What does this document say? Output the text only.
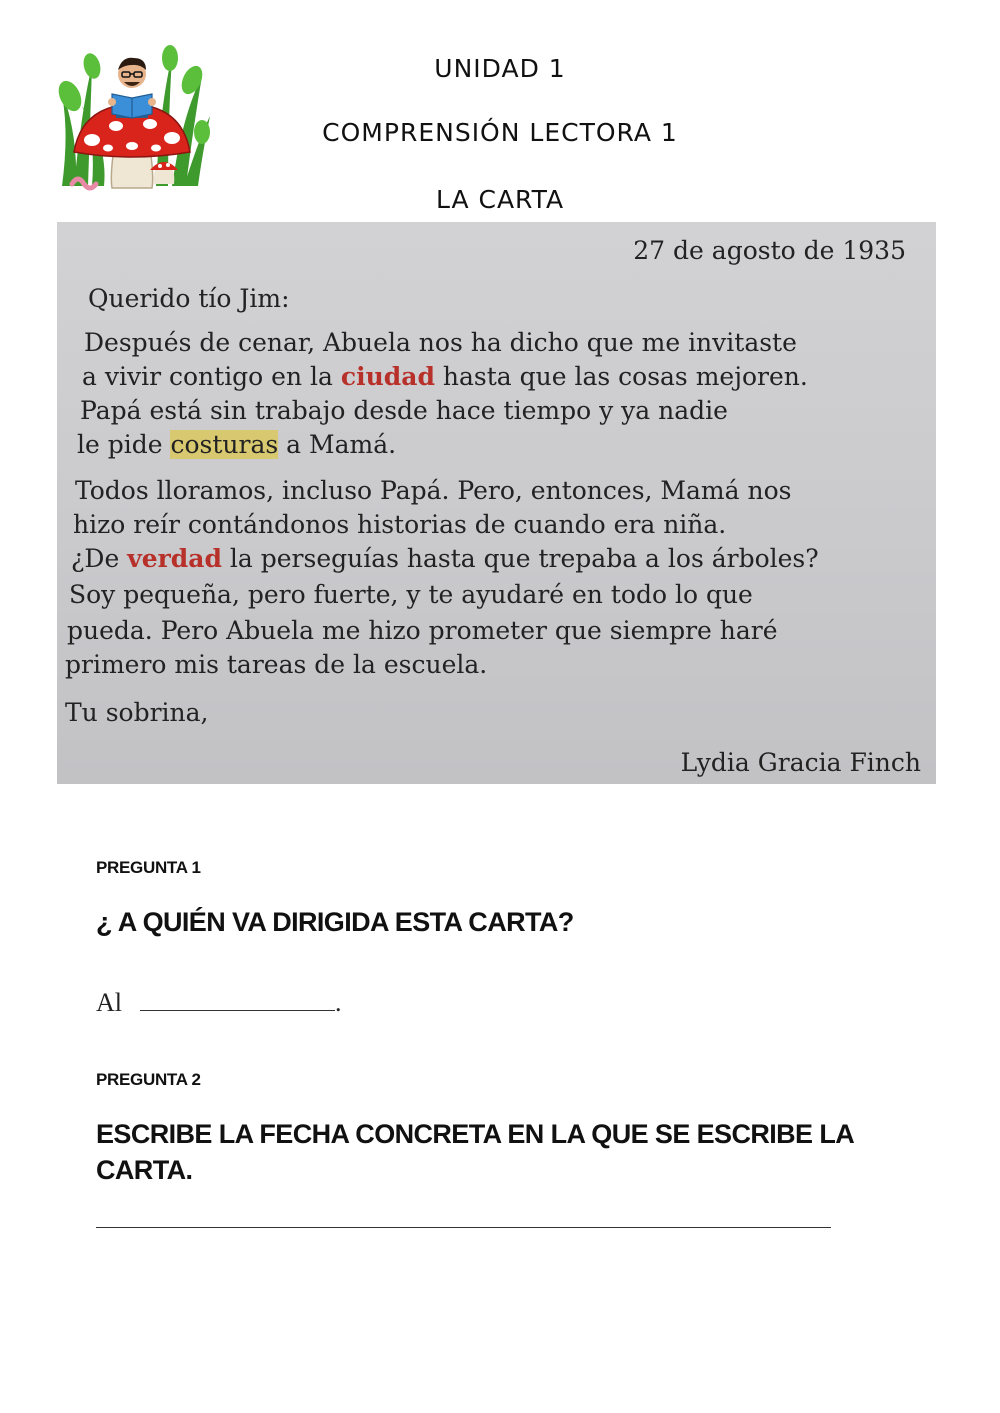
UNIDAD 1
COMPRENSIÓN LECTORA 1
LA CARTA
27 de agosto de 1935
Querido tío Jim:
Después de cenar, Abuela nos ha dicho que me invitaste
a vivir contigo en la ciudad hasta que las cosas mejoren.
Papá está sin trabajo desde hace tiempo y ya nadie
le pide costuras a Mamá.
Todos lloramos, incluso Papá. Pero, entonces, Mamá nos
hizo reír contándonos historias de cuando era niña.
¿De verdad la perseguías hasta que trepaba a los árboles?
Soy pequeña, pero fuerte, y te ayudaré en todo lo que
pueda. Pero Abuela me hizo prometer que siempre haré
primero mis tareas de la escuela.
Tu sobrina,
Lydia Gracia Finch
PREGUNTA 1
¿ A QUIÉN VA DIRIGIDA ESTA CARTA?
Al	.
PREGUNTA 2
ESCRIBE LA FECHA CONCRETA EN LA QUE SE ESCRIBE LA CARTA.
